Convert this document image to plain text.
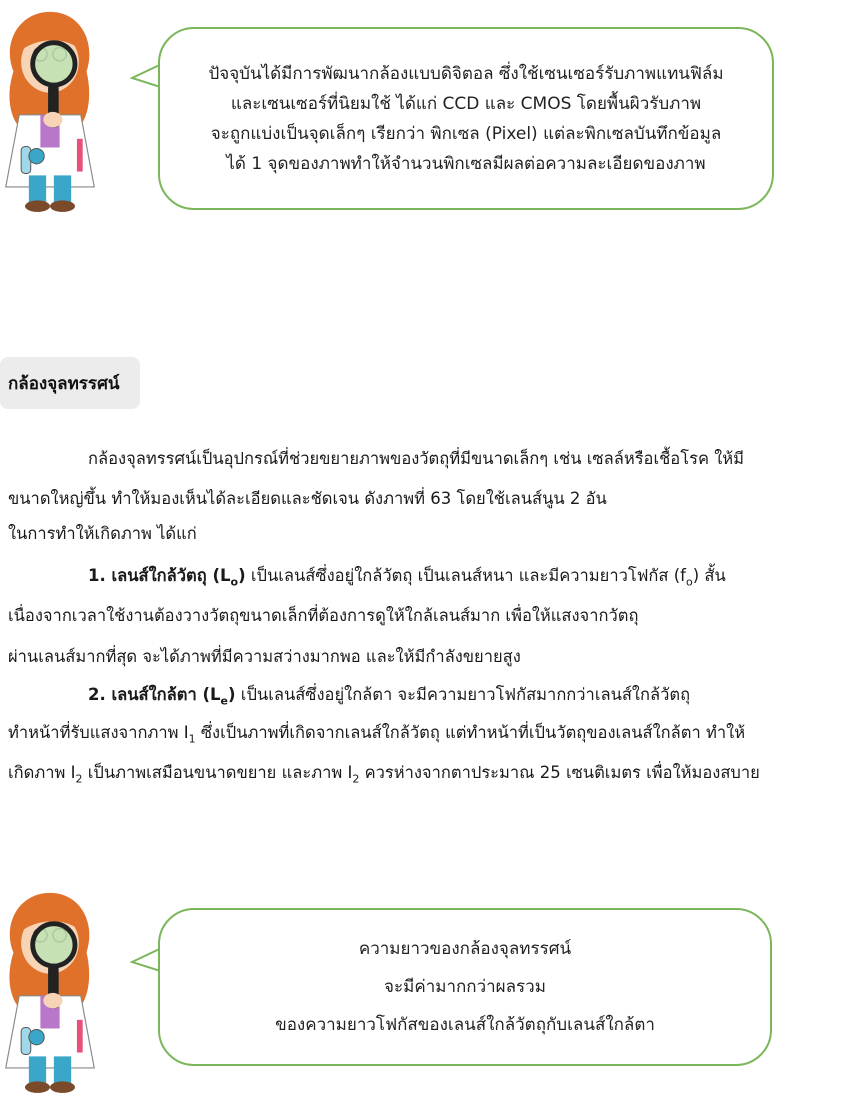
ปัจจุบันได้มีการพัฒนากล้องแบบดิจิตอล ซึ่งใช้เซนเซอร์รับภาพแทนฟิล์ม
และเซนเซอร์ที่นิยมใช้ ได้แก่ CCD และ CMOS โดยพื้นผิวรับภาพ
จะถูกแบ่งเป็นจุดเล็กๆ เรียกว่า พิกเซล (Pixel) แต่ละพิกเซลบันทึกข้อมูล
ได้ 1 จุดของภาพทำให้จำนวนพิกเซลมีผลต่อความละเอียดของภาพ
กล้องจุลทรรศน์
กล้องจุลทรรศน์เป็นอุปกรณ์ที่ช่วยขยายภาพของวัตถุที่มีขนาดเล็กๆ เช่น เซลล์หรือเชื้อโรค ให้มี
ขนาดใหญ่ขึ้น ทำให้มองเห็นได้ละเอียดและชัดเจน ดังภาพที่ 63 โดยใช้เลนส์นูน 2 อัน
ในการทำให้เกิดภาพ ได้แก่
1. เลนส์ใกล้วัตถุ $(L_o)$ เป็นเลนส์ซึ่งอยู่ใกล้วัตถุ เป็นเลนส์หนา และมีความยาวโฟกัส $(f_o)$ สั้น
เนื่องจากเวลาใช้งานต้องวางวัตถุขนาดเล็กที่ต้องการดูให้ใกล้เลนส์มาก เพื่อให้แสงจากวัตถุ
ผ่านเลนส์มากที่สุด จะได้ภาพที่มีความสว่างมากพอ และให้มีกำลังขยายสูง
2. เลนส์ใกล้ตา $(L_e)$ เป็นเลนส์ซึ่งอยู่ใกล้ตา จะมีความยาวโฟกัสมากกว่าเลนส์ใกล้วัตถุ
ทำหน้าที่รับแสงจากภาพ $I_1$ ซึ่งเป็นภาพที่เกิดจากเลนส์ใกล้วัตถุ แต่ทำหน้าที่เป็นวัตถุของเลนส์ใกล้ตา ทำให้
เกิดภาพ $I_2$ เป็นภาพเสมือนขนาดขยาย และภาพ $I_2$ ควรห่างจากตาประมาณ 25 เซนติเมตร เพื่อให้มองสบาย
ความยาวของกล้องจุลทรรศน์
จะมีค่ามากกว่าผลรวม
ของความยาวโฟกัสของเลนส์ใกล้วัตถุกับเลนส์ใกล้ตา
